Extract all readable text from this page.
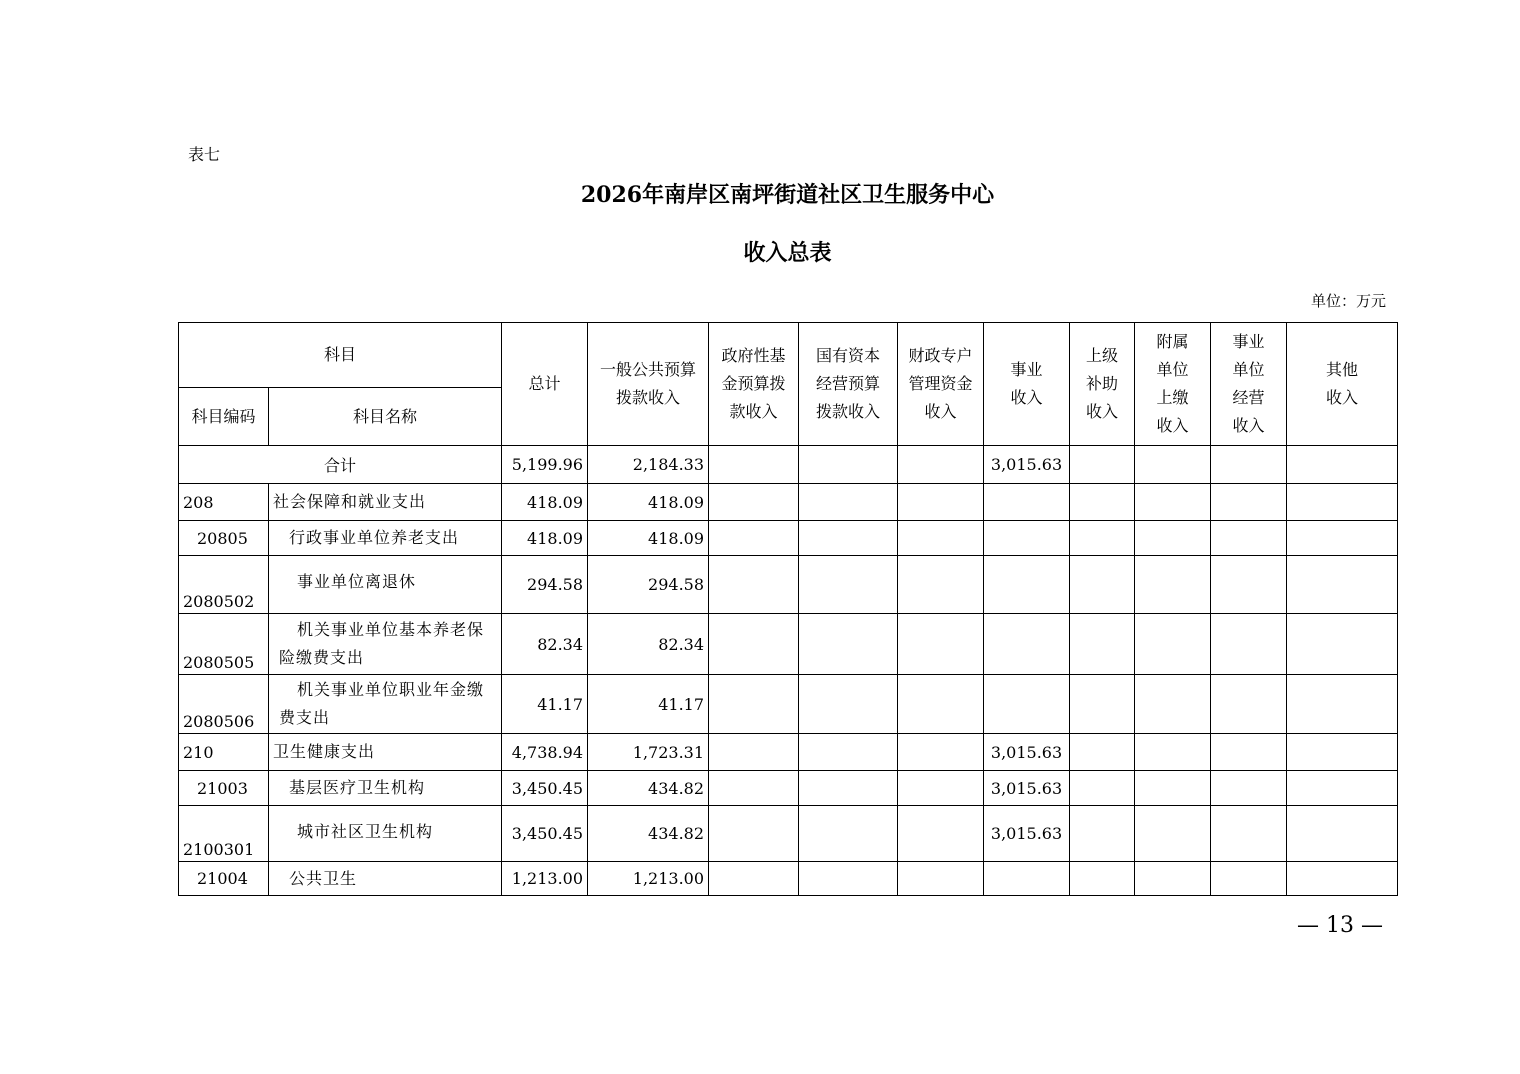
表七
2026年南岸区南坪街道社区卫生服务中心
收入总表
单位：万元
科目		总计	一般公共预算拨款收入	政府性基金预算拨款收入	国有资本经营预算拨款收入	财政专户管理资金收入	事业收入	上级补助收入	附属单位上缴收入	事业单位经营收入	其他收入
科目编码	科目名称										
合计		5,199.96	2,184.33				3,015.63				
208	社会保障和就业支出	418.09	418.09								
20805	行政事业单位养老支出	418.09	418.09								
2080502	事业单位离退休	294.58	294.58								
2080505	机关事业单位基本养老保险缴费支出	82.34	82.34								
2080506	机关事业单位职业年金缴费支出	41.17	41.17								
210	卫生健康支出	4,738.94	1,723.31				3,015.63				
21003	基层医疗卫生机构	3,450.45	434.82				3,015.63				
2100301	城市社区卫生机构	3,450.45	434.82				3,015.63				
21004	公共卫生	1,213.00	1,213.00								
— 13 —
